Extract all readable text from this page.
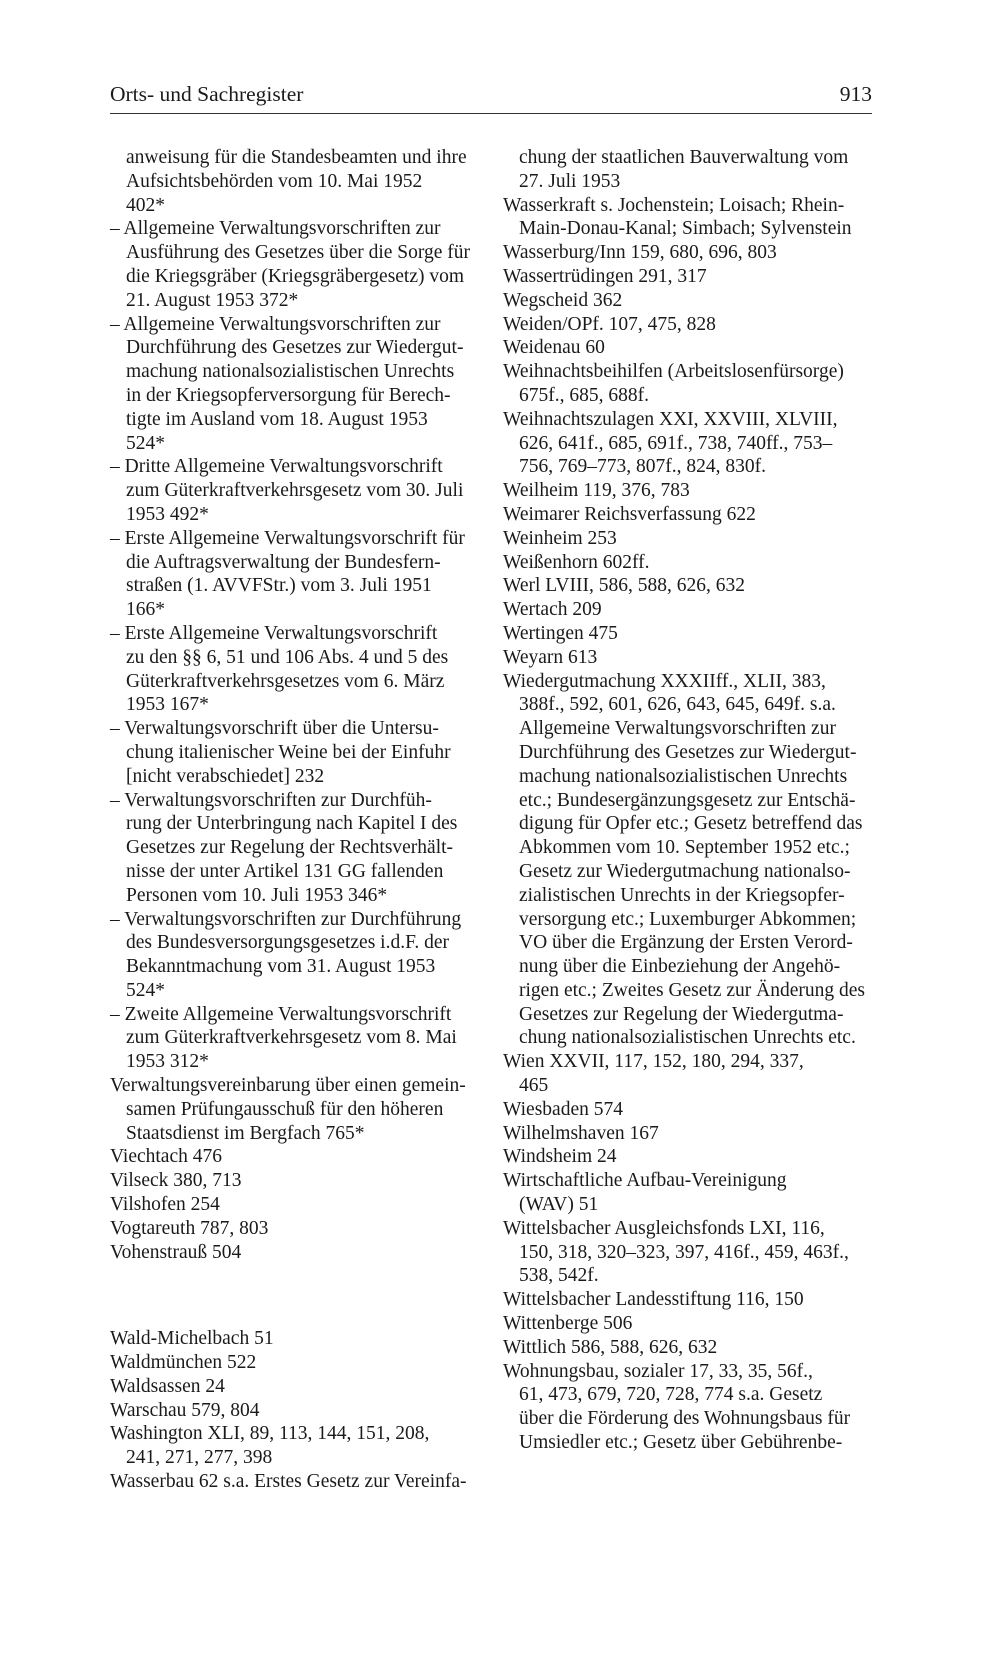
Orts- und Sachregister	913

anweisung für die Standesbeamten und ihre
Aufsichtsbehörden vom 10. Mai 1952
402*

– Allgemeine Verwaltungsvorschriften zur
Ausführung des Gesetzes über die Sorge für
die Kriegsgräber (Kriegsgräbergesetz) vom
21. August 1953 372*

– Allgemeine Verwaltungsvorschriften zur
Durchführung des Gesetzes zur Wiedergut-
machung nationalsozialistischen Unrechts
in der Kriegsopferversorgung für Berech-
tigte im Ausland vom 18. August 1953
524*

– Dritte Allgemeine Verwaltungsvorschrift
zum Güterkraftverkehrsgesetz vom 30. Juli
1953 492*

– Erste Allgemeine Verwaltungsvorschrift für
die Auftragsverwaltung der Bundesfern-
straßen (1. AVVFStr.) vom 3. Juli 1951
166*

– Erste Allgemeine Verwaltungsvorschrift
zu den §§ 6, 51 und 106 Abs. 4 und 5 des
Güterkraftverkehrsgesetzes vom 6. März
1953 167*

– Verwaltungsvorschrift über die Untersu-
chung italienischer Weine bei der Einfuhr
[nicht verabschiedet] 232

– Verwaltungsvorschriften zur Durchfüh-
rung der Unterbringung nach Kapitel I des
Gesetzes zur Regelung der Rechtsverhält-
nisse der unter Artikel 131 GG fallenden
Personen vom 10. Juli 1953 346*

– Verwaltungsvorschriften zur Durchführung
des Bundesversorgungsgesetzes i.d.F. der
Bekanntmachung vom 31. August 1953
524*

– Zweite Allgemeine Verwaltungsvorschrift
zum Güterkraftverkehrsgesetz vom 8. Mai
1953 312*

Verwaltungsvereinbarung über einen gemein-
samen Prüfungausschuß für den höheren
Staatsdienst im Bergfach 765*

Viechtach 476

Vilseck 380, 713

Vilshofen 254

Vogtareuth 787, 803

Vohenstrauß 504

Wald-Michelbach 51

Waldmünchen 522

Waldsassen 24

Warschau 579, 804

Washington XLI, 89, 113, 144, 151, 208,
241, 271, 277, 398

Wasserbau 62 s.a. Erstes Gesetz zur Vereinfa-

chung der staatlichen Bauverwaltung vom
27. Juli 1953

Wasserkraft s. Jochenstein; Loisach; Rhein-
Main-Donau-Kanal; Simbach; Sylvenstein

Wasserburg/Inn 159, 680, 696, 803

Wassertrüdingen 291, 317

Wegscheid 362

Weiden/OPf. 107, 475, 828

Weidenau 60

Weihnachtsbeihilfen (Arbeitslosenfürsorge)
675f., 685, 688f.

Weihnachtszulagen XXI, XXVIII, XLVIII,
626, 641f., 685, 691f., 738, 740ff., 753–
756, 769–773, 807f., 824, 830f.

Weilheim 119, 376, 783

Weimarer Reichsverfassung 622

Weinheim 253

Weißenhorn 602ff.

Werl LVIII, 586, 588, 626, 632

Wertach 209

Wertingen 475

Weyarn 613

Wiedergutmachung XXXIIff., XLII, 383,
388f., 592, 601, 626, 643, 645, 649f. s.a.
Allgemeine Verwaltungsvorschriften zur
Durchführung des Gesetzes zur Wiedergut-
machung nationalsozialistischen Unrechts
etc.; Bundesergänzungsgesetz zur Entschä-
digung für Opfer etc.; Gesetz betreffend das
Abkommen vom 10. September 1952 etc.;
Gesetz zur Wiedergutmachung nationalso-
zialistischen Unrechts in der Kriegsopfer-
versorgung etc.; Luxemburger Abkommen;
VO über die Ergänzung der Ersten Verord-
nung über die Einbeziehung der Angehö-
rigen etc.; Zweites Gesetz zur Änderung des
Gesetzes zur Regelung der Wiedergutma-
chung nationalsozialistischen Unrechts etc.

Wien XXVII, 117, 152, 180, 294, 337,
465

Wiesbaden 574

Wilhelmshaven 167

Windsheim 24

Wirtschaftliche Aufbau-Vereinigung
(WAV) 51

Wittelsbacher Ausgleichsfonds LXI, 116,
150, 318, 320–323, 397, 416f., 459, 463f.,
538, 542f.

Wittelsbacher Landesstiftung 116, 150

Wittenberge 506

Wittlich 586, 588, 626, 632

Wohnungsbau, sozialer 17, 33, 35, 56f.,
61, 473, 679, 720, 728, 774 s.a. Gesetz
über die Förderung des Wohnungsbaus für
Umsiedler etc.; Gesetz über Gebührenbe-
